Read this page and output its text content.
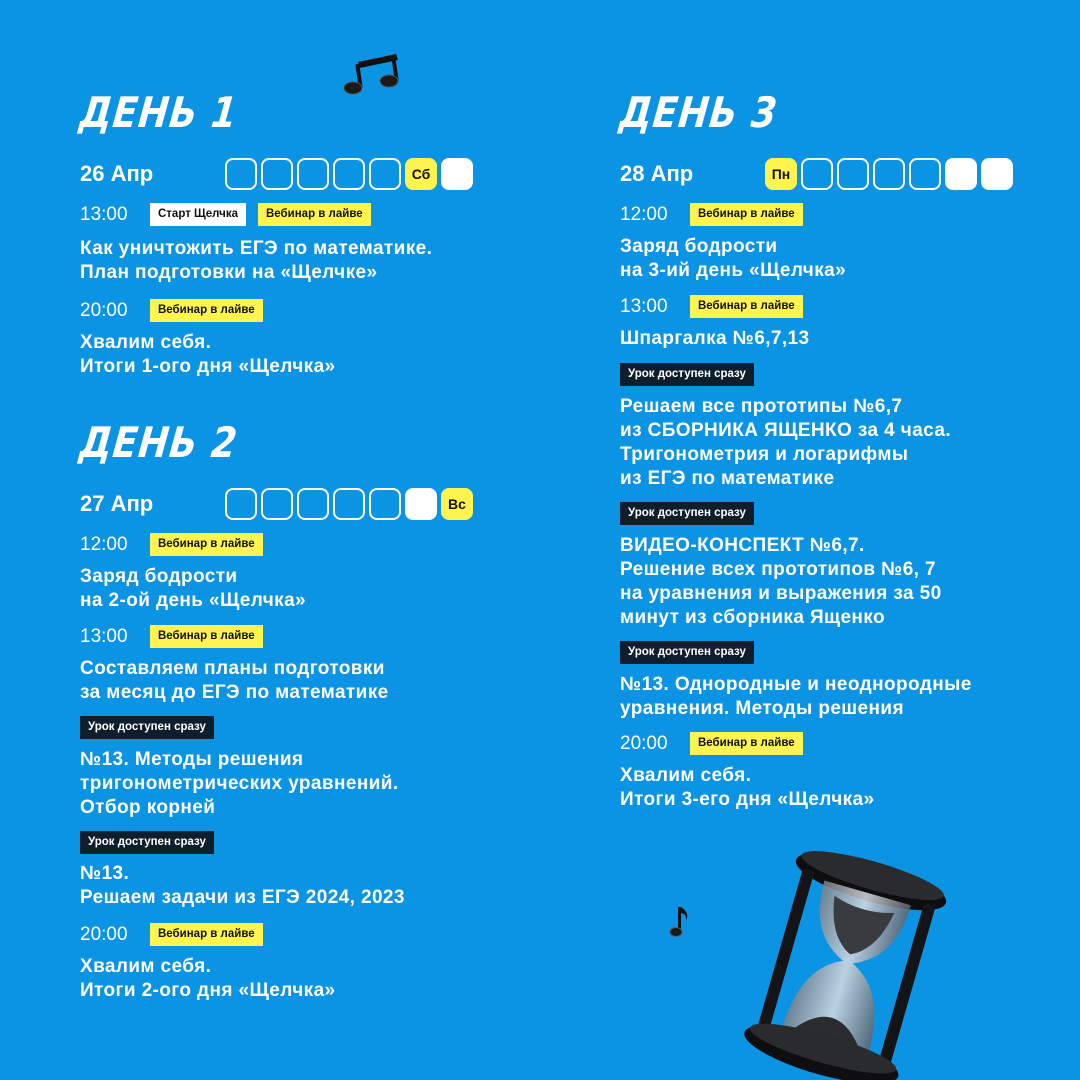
ДЕНЬ 1
26 Апр	Сб
13:00	Старт Щелчка	Вебинар в лайве
Как уничтожить ЕГЭ по математике.
План подготовки на «Щелчке»
20:00	Вебинар в лайве
Хвалим себя.
Итоги 1-ого дня «Щелчка»
ДЕНЬ 2
27 Апр	Вс
12:00	Вебинар в лайве
Заряд бодрости
на 2-ой день «Щелчка»
13:00	Вебинар в лайве
Составляем планы подготовки
за месяц до ЕГЭ по математике
Урок доступен сразу
№13. Методы решения
тригонометрических уравнений.
Отбор корней
Урок доступен сразу
№13.
Решаем задачи из ЕГЭ 2024, 2023
20:00	Вебинар в лайве
Хвалим себя.
Итоги 2-ого дня «Щелчка»
ДЕНЬ 3
28 Апр	Пн
12:00	Вебинар в лайве
Заряд бодрости
на 3-ий день «Щелчка»
13:00	Вебинар в лайве
Шпаргалка №6,7,13
Урок доступен сразу
Решаем все прототипы №6,7
из СБОРНИКА ЯЩЕНКО за 4 часа.
Тригонометрия и логарифмы
из ЕГЭ по математике
Урок доступен сразу
ВИДЕО-КОНСПЕКТ №6,7.
Решение всех прототипов №6, 7
на уравнения и выражения за 50
минут из сборника Ященко
Урок доступен сразу
№13. Однородные и неоднородные
уравнения. Методы решения
20:00	Вебинар в лайве
Хвалим себя.
Итоги 3-его дня «Щелчка»
